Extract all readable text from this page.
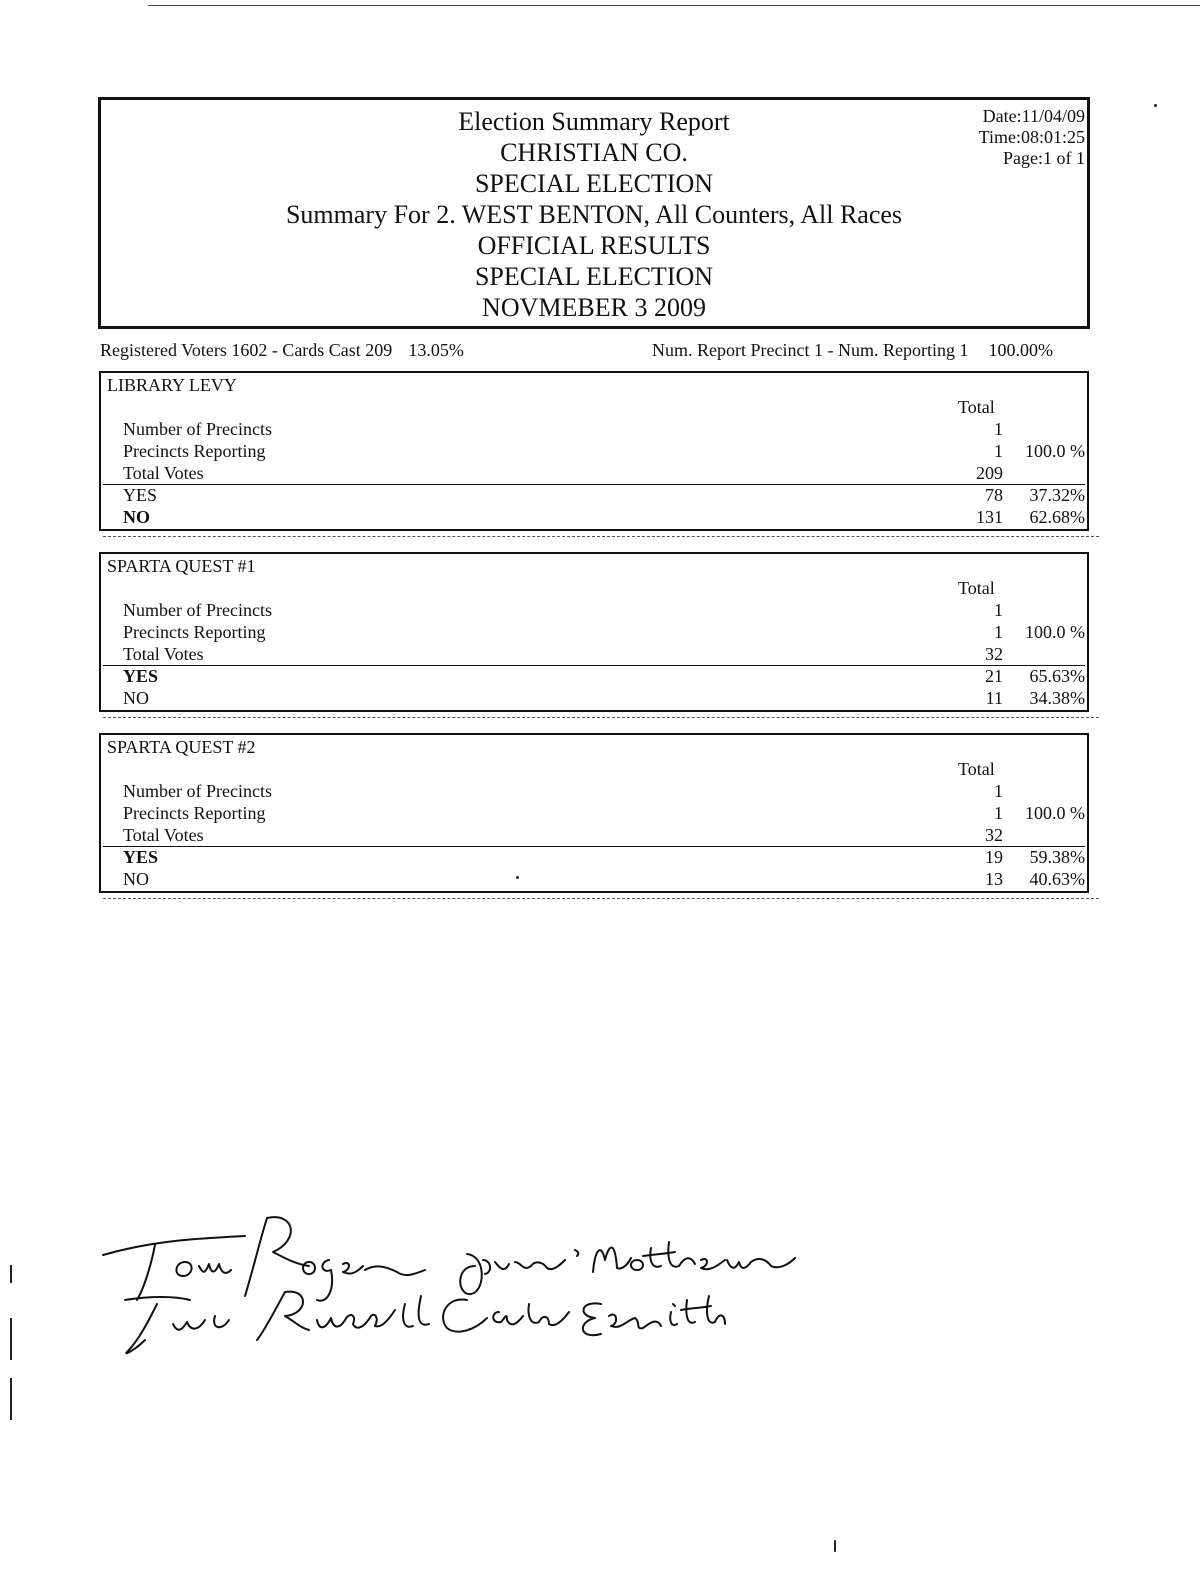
Election Summary Report
CHRISTIAN CO.
SPECIAL ELECTION
Summary For 2. WEST BENTON, All Counters, All Races
OFFICIAL RESULTS
SPECIAL ELECTION
NOVMEBER 3 2009
Date:11/04/09
Time:08:01:25
Page:1 of 1
Registered Voters 1602 - Cards Cast 209 13.05%	Num. Report Precinct 1 - Num. Reporting 1 100.00%
LIBRARY LEVY
Total
Number of Precincts	1
Precincts Reporting	1 100.0 %
Total Votes	209
YES	78 37.32%
NO	131 62.68%
SPARTA QUEST #1
Total
Number of Precincts	1
Precincts Reporting	1 100.0 %
Total Votes	32
YES	21 65.63%
NO	11 34.38%
SPARTA QUEST #2
Total
Number of Precincts	1
Precincts Reporting	1 100.0 %
Total Votes	32
YES	19 59.38%
NO	13 40.63%
